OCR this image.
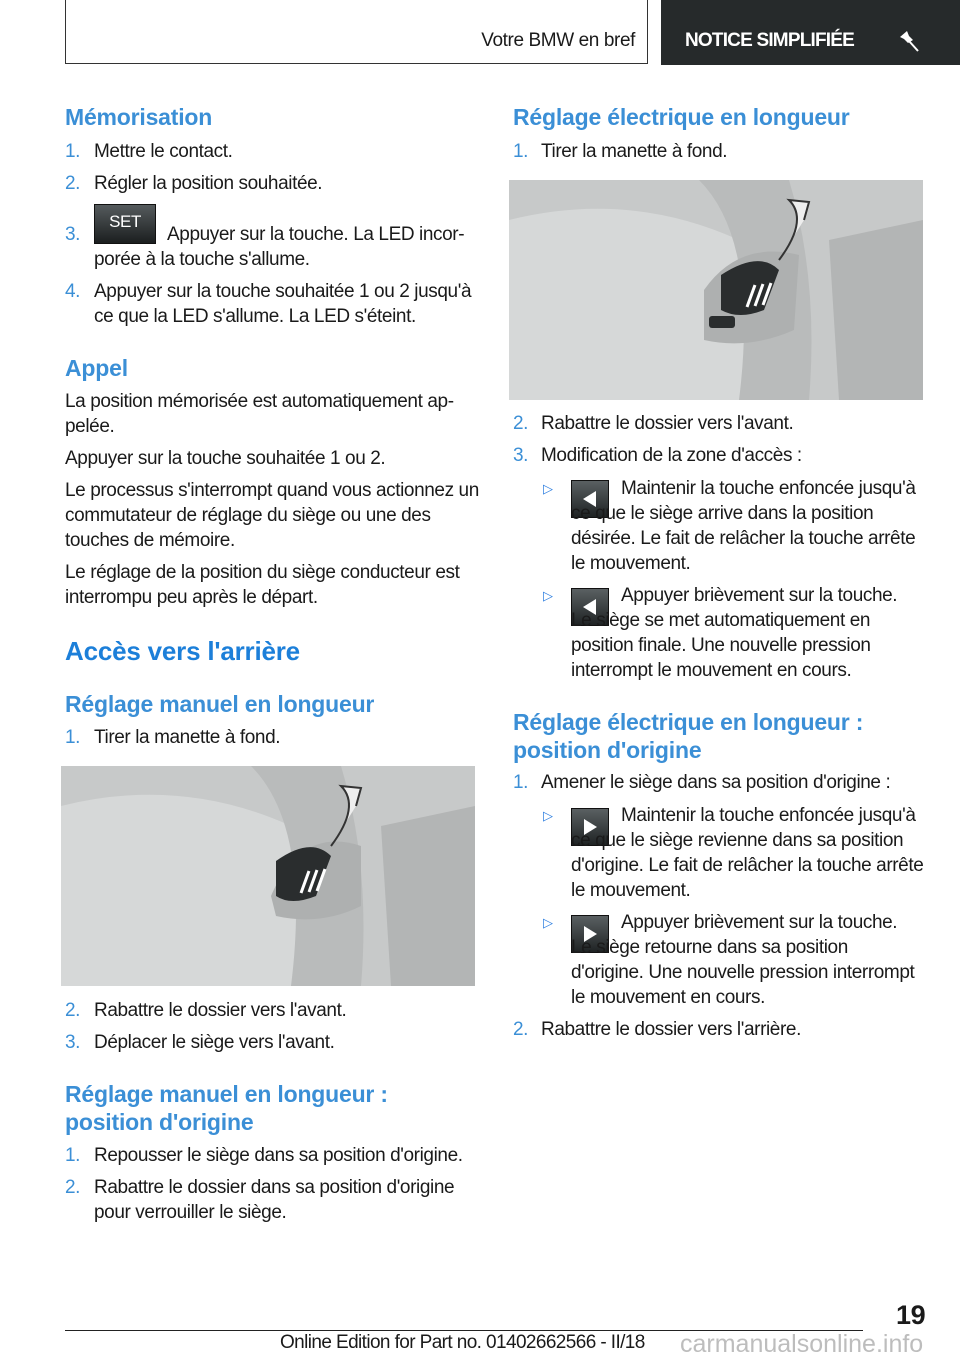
Votre BMW en bref	NOTICE SIMPLIFIÉE
Mémorisation
1. Mettre le contact.
2. Régler la position souhaitée.
3.
SET
Appuyer sur la touche. La LED incorporée à la touche s'allume.
4. Appuyer sur la touche souhaitée 1 ou 2 jusqu'à ce que la LED s'allume. La LED s'éteint.
Appel
La position mémorisée est automatiquement appelée.
Appuyer sur la touche souhaitée 1 ou 2.
Le processus s'interrompt quand vous actionnez un commutateur de réglage du siège ou une des touches de mémoire.
Le réglage de la position du siège conducteur est interrompu peu après le départ.
Accès vers l'arrière
Réglage manuel en longueur
1. Tirer la manette à fond.
2. Rabattre le dossier vers l'avant.
3. Déplacer le siège vers l'avant.
Réglage manuel en longueur : position d'origine
1. Repousser le siège dans sa position d'origine.
2. Rabattre le dossier dans sa position d'origine pour verrouiller le siège.
Réglage électrique en longueur
1. Tirer la manette à fond.
2. Rabattre le dossier vers l'avant.
3. Modification de la zone d'accès :
▷	Maintenir la touche enfoncée jusqu'à ce que le siège arrive dans la position désirée. Le fait de relâcher la touche arrête le mouvement.
▷	Appuyer brièvement sur la touche. Le siège se met automatiquement en position finale. Une nouvelle pression interrompt le mouvement en cours.
Réglage électrique en longueur : position d'origine
1. Amener le siège dans sa position d'origine :
▷	Maintenir la touche enfoncée jusqu'à ce que le siège revienne dans sa position d'origine. Le fait de relâcher la touche arrête le mouvement.
▷	Appuyer brièvement sur la touche. Le siège retourne dans sa position d'origine. Une nouvelle pression interrompt le mouvement en cours.
2. Rabattre le dossier vers l'arrière.
19
Online Edition for Part no. 01402662566 - II/18 carmanualsonline.info
